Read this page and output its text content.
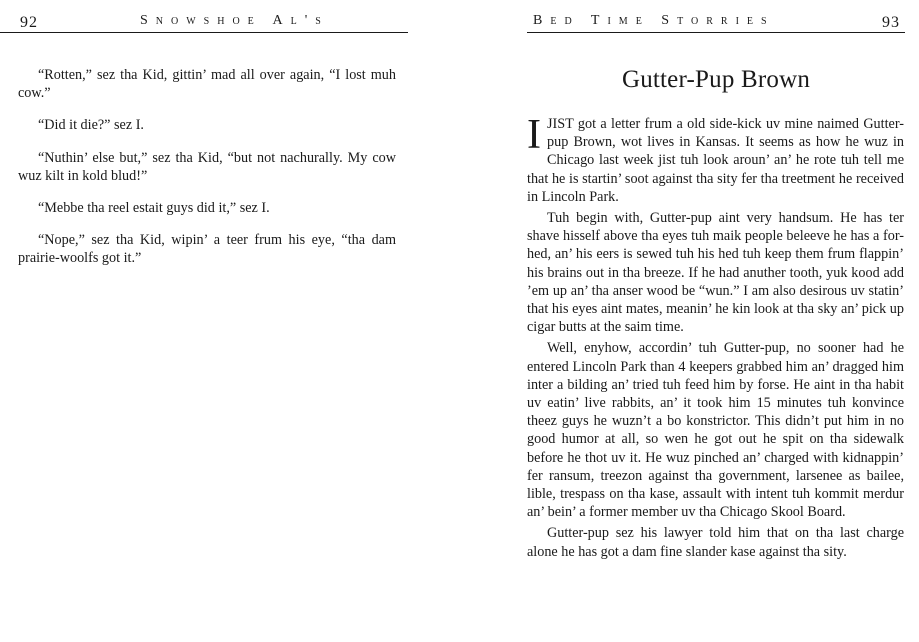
92	Snowshoe Al's

“Rotten,” sez tha Kid, gittin’ mad all over again, “I lost muh cow.”

“Did it die?” sez I.

“Nuthin’ else but,” sez tha Kid, “but not nachurally. My cow wuz kilt in kold blud!”

“Mebbe tha reel estait guys did it,” sez I.

“Nope,” sez tha Kid, wipin’ a teer frum his eye, “tha dam prairie-woolfs got it.”

Bed Time Storries	93
Gutter-Pup Brown

IJIST got a letter frum a old side-kick uv mine naimed Gutter-pup Brown, wot lives in Kansas. It seems as how he wuz in Chicago last week jist tuh look aroun’ an’ he rote tuh tell me that he is startin’ soot against tha sity fer tha treetment he received in Lincoln Park.

Tuh begin with, Gutter-pup aint very handsum. He has ter shave hisself above tha eyes tuh maik people beleeve he has a for-hed, an’ his eers is sewed tuh his hed tuh keep them frum flappin’ his brains out in tha breeze. If he had anuther tooth, yuk kood add ’em up an’ tha anser wood be “wun.” I am also desirous uv statin’ that his eyes aint mates, meanin’ he kin look at tha sky an’ pick up cigar butts at the saim time.

Well, enyhow, accordin’ tuh Gutter-pup, no sooner had he entered Lincoln Park than 4 keepers grabbed him an’ dragged him inter a bilding an’ tried tuh feed him by forse. He aint in tha habit uv eatin’ live rabbits, an’ it took him 15 minutes tuh konvince theez guys he wuzn’t a bo konstrictor. This didn’t put him in no good humor at all, so wen he got out he spit on tha sidewalk before he thot uv it. He wuz pinched an’ charged with kidnappin’ fer ransum, treezon against tha government, larsenee as bailee, lible, trespass on tha kase, assault with intent tuh kommit merdur an’ bein’ a former member uv tha Chicago Skool Board.

Gutter-pup sez his lawyer told him that on tha last charge alone he has got a dam fine slander kase against tha sity.
